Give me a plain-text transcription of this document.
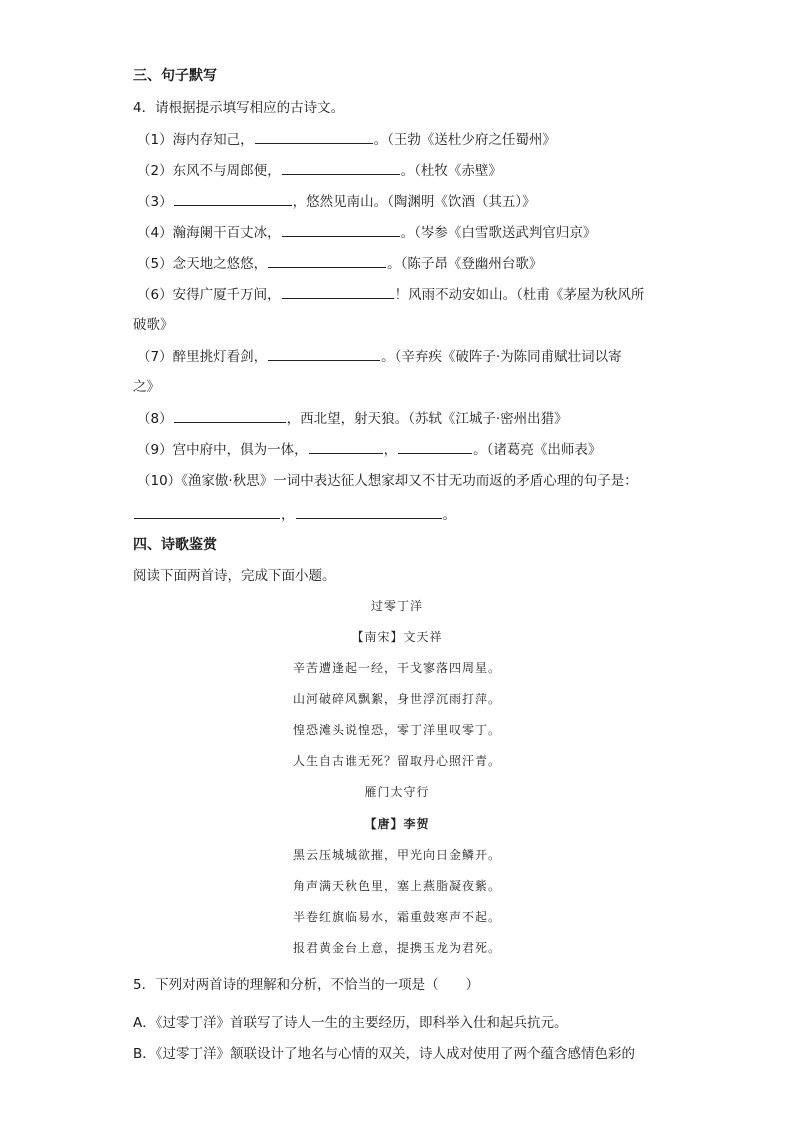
三、句子默写
4．请根据提示填写相应的古诗文。
（1）海内存知己，	。（王勃《送杜少府之任蜀州》
（2）东风不与周郎便，	。（杜牧《赤壁》
（3）	，悠然见南山。（陶渊明《饮酒（其五）》
（4）瀚海阑干百丈冰，	。（岑参《白雪歌送武判官归京》
（5）念天地之悠悠，	。（陈子昂《登幽州台歌》
（6）安得广厦千万间，	！风雨不动安如山。（杜甫《茅屋为秋风所
破歌》
（7）醉里挑灯看剑，	。（辛弃疾《破阵子·为陈同甫赋壮词以寄
之》
（8）	，西北望，射天狼。（苏轼《江城子·密州出猎》
（9）宫中府中，俱为一体，	，	。（诸葛亮《出师表》
（10）《渔家傲·秋思》一词中表达征人想家却又不甘无功而返的矛盾心理的句子是：
，	。
四、诗歌鉴赏
阅读下面两首诗，完成下面小题。
过零丁洋
【南宋】文天祥
辛苦遭逢起一经，干戈寥落四周星。
山河破碎风飘絮，身世浮沉雨打萍。
惶恐滩头说惶恐，零丁洋里叹零丁。
人生自古谁无死？留取丹心照汗青。
雁门太守行
【唐】李贺
黑云压城城欲摧，甲光向日金鳞开。
角声满天秋色里，塞上燕脂凝夜紫。
半卷红旗临易水，霜重鼓寒声不起。
报君黄金台上意，提携玉龙为君死。
5．下列对两首诗的理解和分析，不恰当的一项是（　　）
A．《过零丁洋》首联写了诗人一生的主要经历，即科举入仕和起兵抗元。
B．《过零丁洋》颔联设计了地名与心情的双关，诗人成对使用了两个蕴含感情色彩的
